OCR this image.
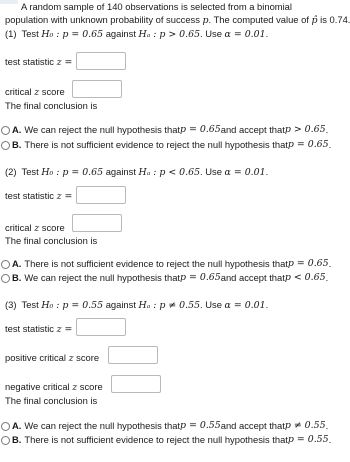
A random sample of 140 observations is selected from a binomial
population with unknown probability of success p. The computed value of p̂ is 0.74.
(1) Test H₀ : p = 0.65 against Hₐ : p > 0.65. Use α = 0.01.
test statistic z =
critical z score
The final conclusion is
A. We can reject the null hypothesis that p = 0.65 and accept that p > 0.65 .
B. There is not sufficient evidence to reject the null hypothesis that p = 0.65 .
(2) Test H₀ : p = 0.65 against Hₐ : p < 0.65. Use α = 0.01.
test statistic z =
critical z score
The final conclusion is
A. There is not sufficient evidence to reject the null hypothesis that p = 0.65 .
B. We can reject the null hypothesis that p = 0.65 and accept that p < 0.65 .
(3) Test H₀ : p = 0.55 against Hₐ : p ≠ 0.55. Use α = 0.01.
test statistic z =
positive critical z score
negative critical z score
The final conclusion is
A. We can reject the null hypothesis that p = 0.55 and accept that p ≠ 0.55 .
B. There is not sufficient evidence to reject the null hypothesis that p = 0.55 .
